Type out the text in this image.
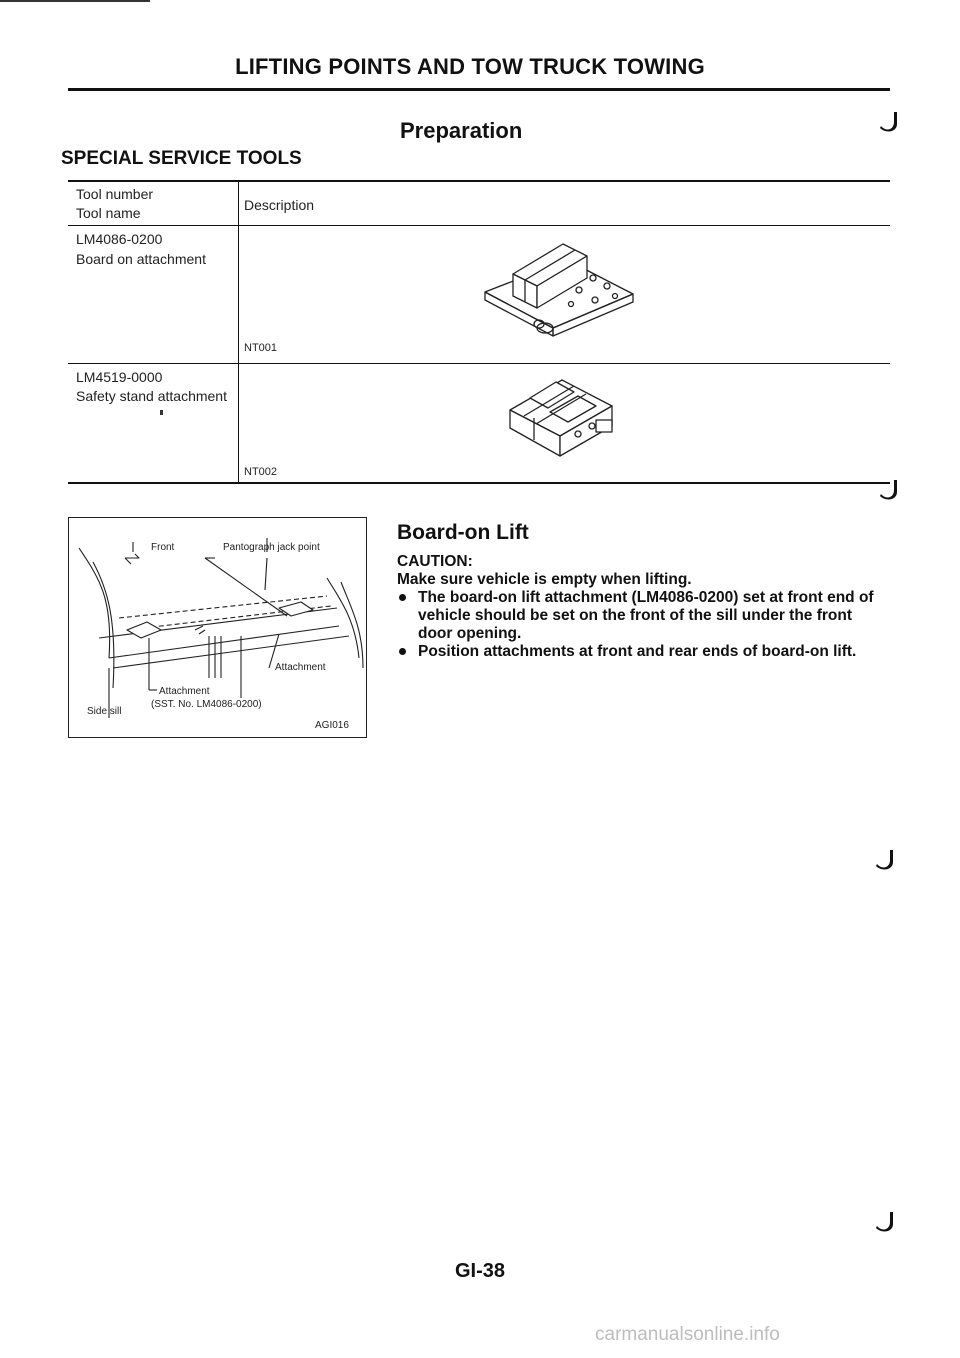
LIFTING POINTS AND TOW TRUCK TOWING
Preparation
SPECIAL SERVICE TOOLS
Tool number
Tool name	Description
LM4086-0200
Board on attachment
NT001
LM4519-0000
Safety stand attachment
NT002
Front	Pantograph jack point
Attachment
Attachment
(SST. No. LM4086-0200)
Side sill
AGI016
Board-on Lift

CAUTION:

Make sure vehicle is empty when lifting.

The board-on lift attachment (LM4086-0200) set at front end of vehicle should be set on the front of the sill under the front door opening.
Position attachments at front and rear ends of board-on lift.
GI-38
carmanualsonline.info
